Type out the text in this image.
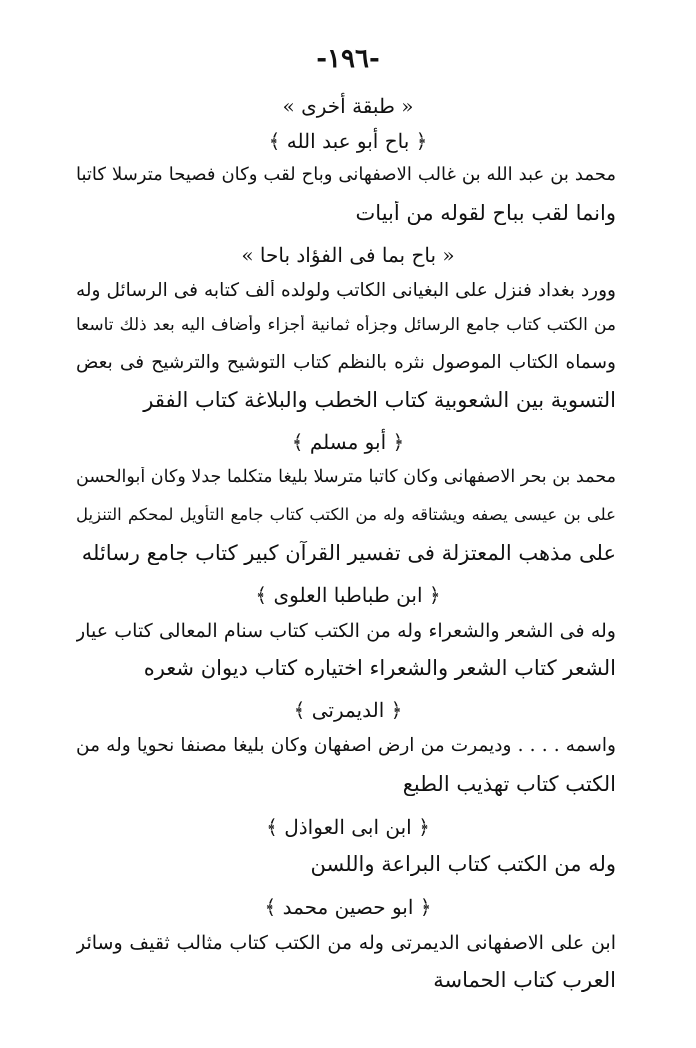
-١٩٦-
« طبقة أخرى »
﴿ باح أبو عبد الله ﴾
محمد بن عبد الله بن غالب الاصفهانى وباح لقب وكان فصيحا مترسلا كاتبا
وانما لقب بباح لقوله من أبيات
« باح بما فى الفؤاد باحا »
وورد بغداد فنزل على البغيانى الكاتب ولولده ألف كتابه فى الرسائل وله
من الكتب كتاب جامع الرسائل وجزأه ثمانية أجزاء وأضاف اليه بعد ذلك تاسعا
وسماه الكتاب الموصول نثره بالنظم كتاب التوشيح والترشيح فى بعض
التسوية بين الشعوبية كتاب الخطب والبلاغة كتاب الفقر
﴿ أبو مسلم ﴾
محمد بن بحر الاصفهانى وكان كاتبا مترسلا بليغا متكلما جدلا وكان أبوالحسن
على بن عيسى يصفه ويشتاقه وله من الكتب كتاب جامع التأويل لمحكم التنزيل
على مذهب المعتزلة فى تفسير القرآن كبير كتاب جامع رسائله
﴿ ابن طباطبا العلوى ﴾
وله فى الشعر والشعراء وله من الكتب كتاب سنام المعالى كتاب عيار
الشعر كتاب الشعر والشعراء اختياره كتاب ديوان شعره
﴿ الديمرتى ﴾
واسمه . . . . وديمرت من ارض اصفهان وكان بليغا مصنفا نحويا وله من
الكتب كتاب تهذيب الطبع
﴿ ابن ابى العواذل ﴾
وله من الكتب كتاب البراعة واللسن
﴿ ابو حصين محمد ﴾
ابن على الاصفهانى الديمرتى وله من الكتب كتاب مثالب ثقيف وسائر
العرب كتاب الحماسة
